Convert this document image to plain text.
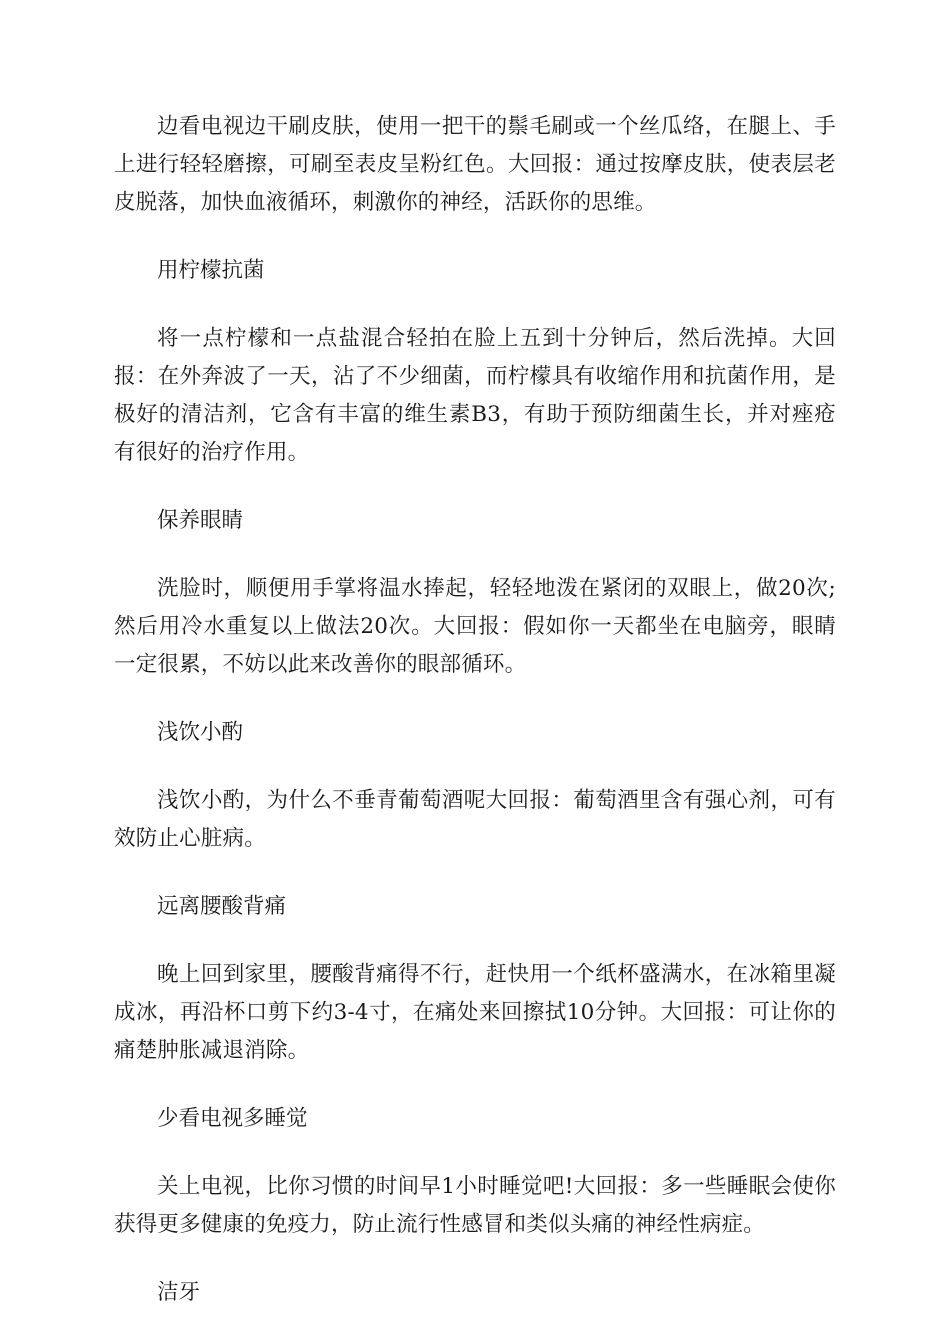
边看电视边干刷皮肤，使用一把干的鬃毛刷或一个丝瓜络，在腿上、手上进行轻轻磨擦，可刷至表皮呈粉红色。大回报：通过按摩皮肤，使表层老皮脱落，加快血液循环，刺激你的神经，活跃你的思维。

用柠檬抗菌

将一点柠檬和一点盐混合轻拍在脸上五到十分钟后，然后洗掉。大回报：在外奔波了一天，沾了不少细菌，而柠檬具有收缩作用和抗菌作用，是极好的清洁剂，它含有丰富的维生素B3，有助于预防细菌生长，并对痤疮有很好的治疗作用。

保养眼睛

洗脸时，顺便用手掌将温水捧起，轻轻地泼在紧闭的双眼上，做20次;然后用冷水重复以上做法20次。大回报：假如你一天都坐在电脑旁，眼睛一定很累，不妨以此来改善你的眼部循环。

浅饮小酌

浅饮小酌，为什么不垂青葡萄酒呢大回报：葡萄酒里含有强心剂，可有效防止心脏病。

远离腰酸背痛

晚上回到家里，腰酸背痛得不行，赶快用一个纸杯盛满水，在冰箱里凝成冰，再沿杯口剪下约3-4寸，在痛处来回擦拭10分钟。大回报：可让你的痛楚肿胀减退消除。

少看电视多睡觉

关上电视，比你习惯的时间早1小时睡觉吧!大回报：多一些睡眠会使你获得更多健康的免疫力，防止流行性感冒和类似头痛的神经性病症。

洁牙
